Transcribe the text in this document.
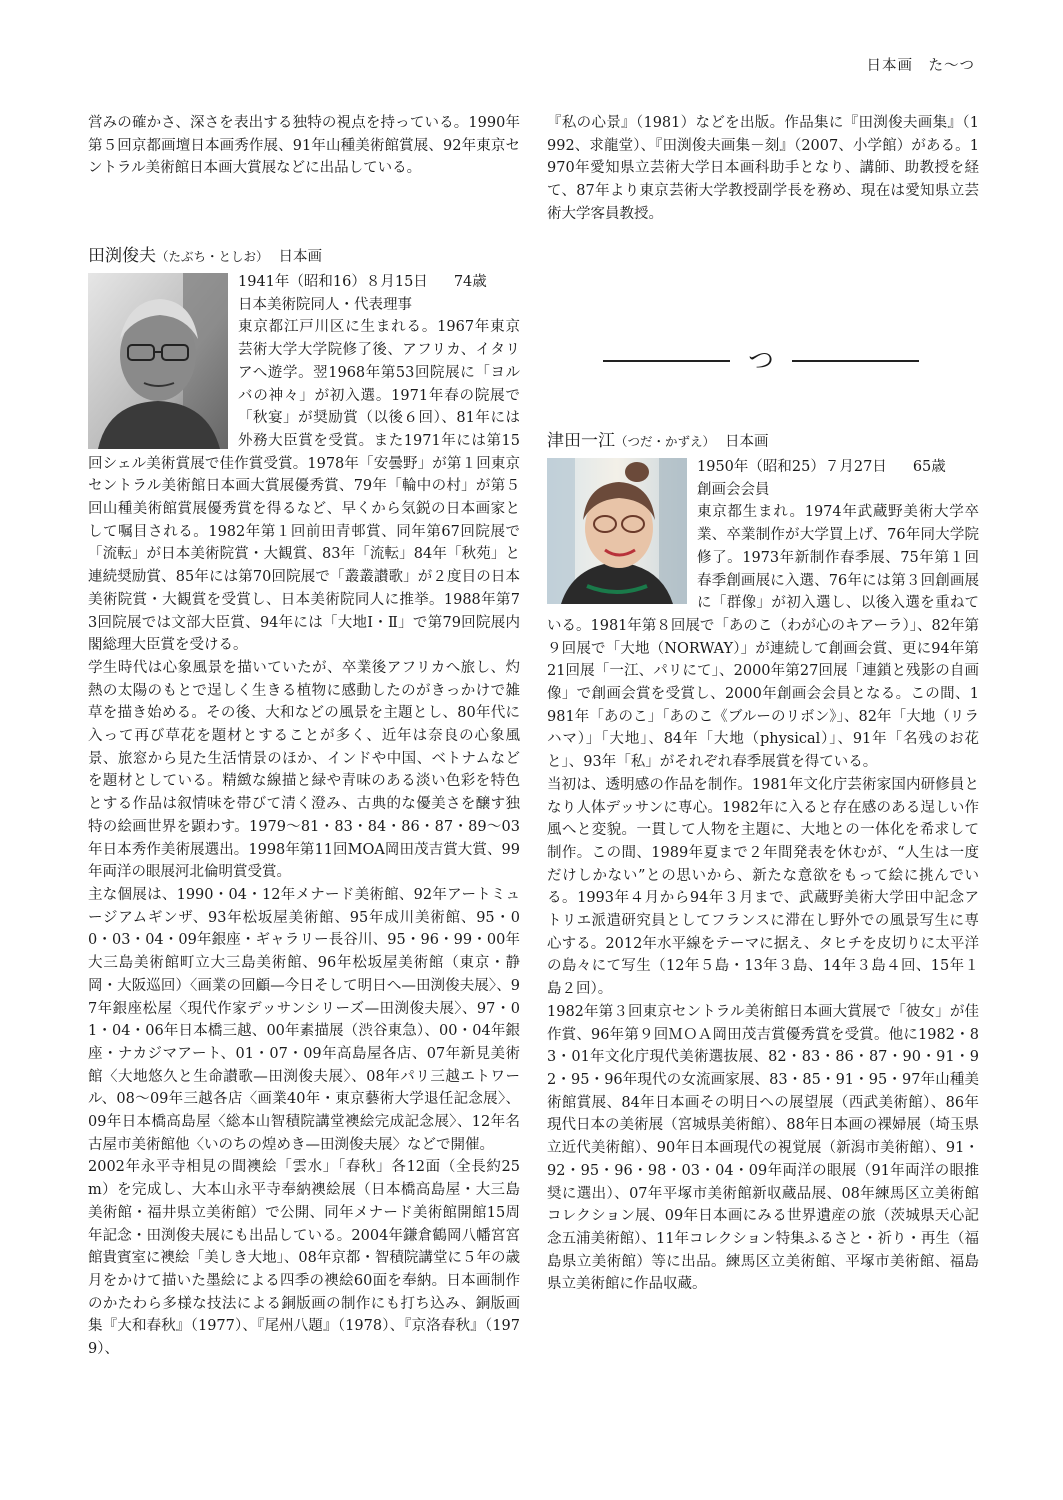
日本画　た〜つ

営みの確かさ、深さを表出する独特の視点を持っている。1990年第５回京都画壇日本画秀作展、91年山種美術館賞展、92年東京セントラル美術館日本画大賞展などに出品している。

田渕俊夫（たぶち・としお） 日本画
1941年（昭和16）８月15日 74歳
日本美術院同人・代表理事
東京都江戸川区に生まれる。1967年東京芸術大学大学院修了後、アフリカ、イタリアへ遊学。翌1968年第53回院展に「ヨルバの神々」が初入選。1971年春の院展で「秋宴」が奨励賞（以後６回）、81年には外務大臣賞を受賞。また1971年には第15回シェル美術賞展で佳作賞受賞。1978年「安曇野」が第１回東京セントラル美術館日本画大賞展優秀賞、79年「輪中の村」が第５回山種美術館賞展優秀賞を得るなど、早くから気鋭の日本画家として嘱目される。1982年第１回前田青邨賞、同年第67回院展で「流転」が日本美術院賞・大観賞、83年「流転」84年「秋苑」と連続奨励賞、85年には第70回院展で「叢叢讃歌」が２度目の日本美術院賞・大観賞を受賞し、日本美術院同人に推挙。1988年第73回院展では文部大臣賞、94年には「大地Ⅰ・Ⅱ」で第79回院展内閣総理大臣賞を受ける。
学生時代は心象風景を描いていたが、卒業後アフリカへ旅し、灼熱の太陽のもとで逞しく生きる植物に感動したのがきっかけで雑草を描き始める。その後、大和などの風景を主題とし、80年代に入って再び草花を題材とすることが多く、近年は奈良の心象風景、旅窓から見た生活情景のほか、インドや中国、ベトナムなどを題材としている。精緻な線描と緑や青味のある淡い色彩を特色とする作品は叙情味を帯びて清く澄み、古典的な優美さを醸す独特の絵画世界を顕わす。1979〜81・83・84・86・87・89〜03年日本秀作美術展選出。1998年第11回MOA岡田茂吉賞大賞、99年両洋の眼展河北倫明賞受賞。
主な個展は、1990・04・12年メナード美術館、92年アートミュージアムギンザ、93年松坂屋美術館、95年成川美術館、95・00・03・04・09年銀座・ギャラリー長谷川、95・96・99・00年大三島美術館町立大三島美術館、96年松坂屋美術館（東京・静岡・大阪巡回）〈画業の回顧—今日そして明日へ—田渕俊夫展〉、97年銀座松屋〈現代作家デッサンシリーズ—田渕俊夫展〉、97・01・04・06年日本橋三越、00年素描展（渋谷東急）、00・04年銀座・ナカジマアート、01・07・09年高島屋各店、07年新見美術館〈大地悠久と生命讃歌—田渕俊夫展〉、08年パリ三越エトワール、08〜09年三越各店〈画業40年・東京藝術大学退任記念展〉、09年日本橋高島屋〈総本山智積院講堂襖絵完成記念展〉、12年名古屋市美術館他〈いのちの煌めき—田渕俊夫展〉などで開催。
2002年永平寺相見の間襖絵「雲水」「春秋」各12面（全長約25m）を完成し、大本山永平寺奉納襖絵展（日本橋高島屋・大三島美術館・福井県立美術館）で公開、同年メナード美術館開館15周年記念・田渕俊夫展にも出品している。2004年鎌倉鶴岡八幡宮宮館貴賓室に襖絵「美しき大地」、08年京都・智積院講堂に５年の歳月をかけて描いた墨絵による四季の襖絵60面を奉納。日本画制作のかたわら多様な技法による銅版画の制作にも打ち込み、銅版画集『大和春秋』（1977）、『尾州八題』（1978）、『京洛春秋』（1979）、

『私の心景』（1981）などを出版。作品集に『田渕俊夫画集』（1992、求龍堂）、『田渕俊夫画集－刻』（2007、小学館）がある。1970年愛知県立芸術大学日本画科助手となり、講師、助教授を経て、87年より東京芸術大学教授副学長を務め、現在は愛知県立芸術大学客員教授。

つ
津田一江（つだ・かずえ） 日本画
1950年（昭和25）７月27日 65歳
創画会会員
東京都生まれ。1974年武蔵野美術大学卒業、卒業制作が大学買上げ、76年同大学院修了。1973年新制作春季展、75年第１回春季創画展に入選、76年には第３回創画展に「群像」が初入選し、以後入選を重ねている。1981年第８回展で「あのこ（わが心のキアーラ）」、82年第９回展で「大地（NORWAY）」が連続して創画会賞、更に94年第21回展「一江、パリにて」、2000年第27回展「連鎖と残影の自画像」で創画会賞を受賞し、2000年創画会会員となる。この間、1981年「あのこ」「あのこ《ブルーのリボン》」、82年「大地（リラハマ）」「大地」、84年「大地（physical）」、91年「名残のお花と」、93年「私」がそれぞれ春季展賞を得ている。
当初は、透明感の作品を制作。1981年文化庁芸術家国内研修員となり人体デッサンに専心。1982年に入ると存在感のある逞しい作風へと変貌。一貫して人物を主題に、大地との一体化を希求して制作。この間、1989年夏まで２年間発表を休むが、“人生は一度だけしかない”との思いから、新たな意欲をもって絵に挑んでいる。1993年４月から94年３月まで、武蔵野美術大学田中記念アトリエ派遣研究員としてフランスに滞在し野外での風景写生に専心する。2012年水平線をテーマに据え、タヒチを皮切りに太平洋の島々にて写生（12年５島・13年３島、14年３島４回、15年１島２回）。
1982年第３回東京セントラル美術館日本画大賞展で「彼女」が佳作賞、96年第９回ＭＯＡ岡田茂吉賞優秀賞を受賞。他に1982・83・01年文化庁現代美術選抜展、82・83・86・87・90・91・92・95・96年現代の女流画家展、83・85・91・95・97年山種美術館賞展、84年日本画その明日への展望展（西武美術館）、86年現代日本の美術展（宮城県美術館）、88年日本画の裸婦展（埼玉県立近代美術館）、90年日本画現代の視覚展（新潟市美術館）、91・92・95・96・98・03・04・09年両洋の眼展（91年両洋の眼推奨に選出）、07年平塚市美術館新収蔵品展、08年練馬区立美術館コレクション展、09年日本画にみる世界遺産の旅（茨城県天心記念五浦美術館）、11年コレクション特集ふるさと・祈り・再生（福島県立美術館）等に出品。練馬区立美術館、平塚市美術館、福島県立美術館に作品収蔵。
